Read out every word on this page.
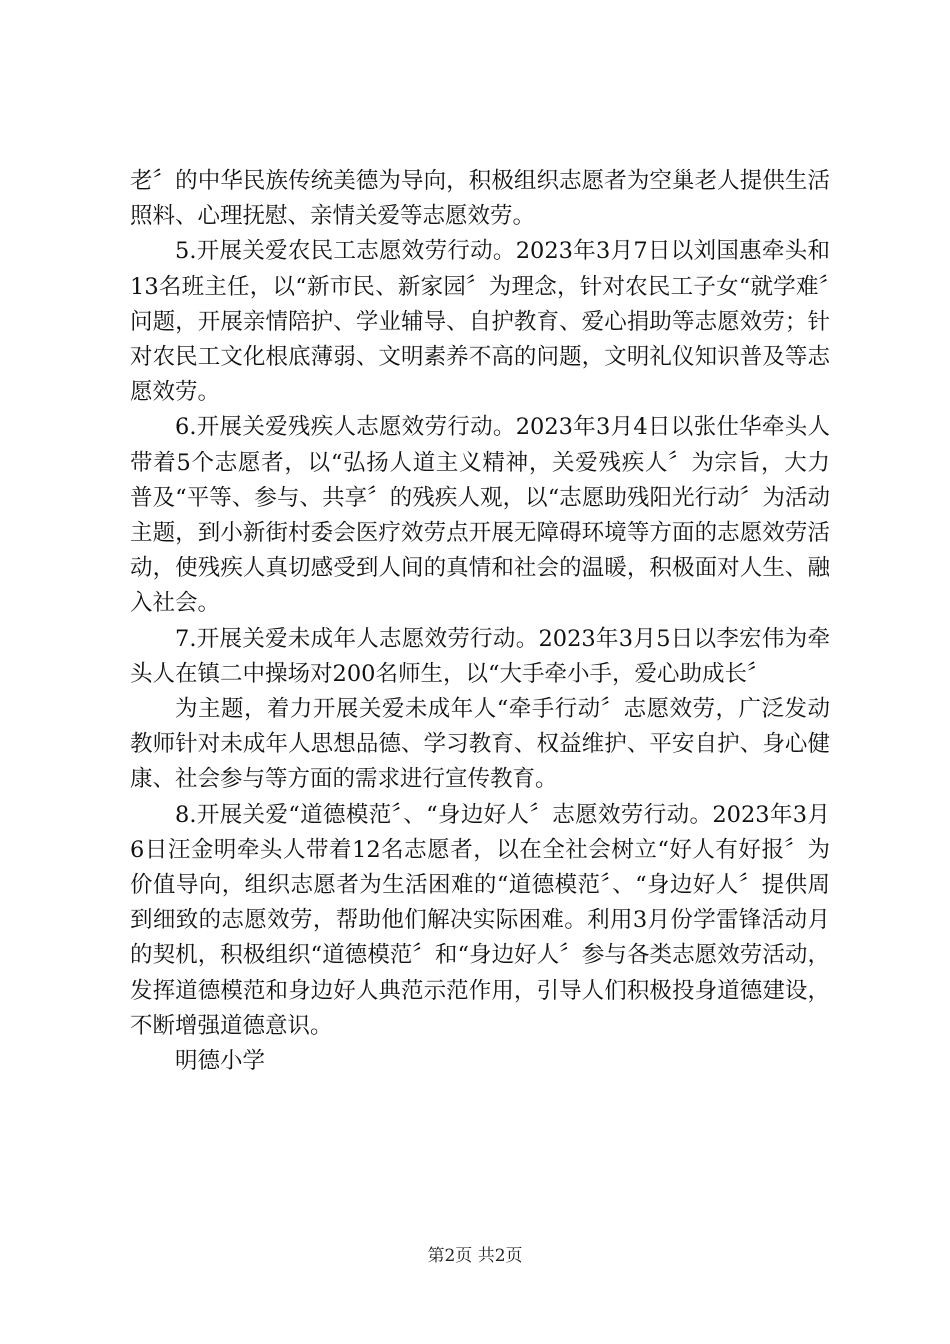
老〞的中华民族传统美德为导向，积极组织志愿者为空巢老人提供生活照料、心理抚慰、亲情关爱等志愿效劳。

5.开展关爱农民工志愿效劳行动。2023年3月7日以刘国惠牵头和13名班主任，以“新市民、新家园〞为理念，针对农民工子女“就学难〞问题，开展亲情陪护、学业辅导、自护教育、爱心捐助等志愿效劳；针对农民工文化根底薄弱、文明素养不高的问题，文明礼仪知识普及等志愿效劳。

6.开展关爱残疾人志愿效劳行动。2023年3月4日以张仕华牵头人带着5个志愿者，以“弘扬人道主义精神，关爱残疾人〞为宗旨，大力普及“平等、参与、共享〞的残疾人观，以“志愿助残阳光行动〞为活动主题，到小新街村委会医疗效劳点开展无障碍环境等方面的志愿效劳活动，使残疾人真切感受到人间的真情和社会的温暖，积极面对人生、融入社会。

7.开展关爱未成年人志愿效劳行动。2023年3月5日以李宏伟为牵头人在镇二中操场对200名师生，以“大手牵小手，爱心助成长〞

为主题，着力开展关爱未成年人“牵手行动〞志愿效劳，广泛发动教师针对未成年人思想品德、学习教育、权益维护、平安自护、身心健康、社会参与等方面的需求进行宣传教育。

8.开展关爱“道德模范〞、“身边好人〞志愿效劳行动。2023年3月6日汪金明牵头人带着12名志愿者，以在全社会树立“好人有好报〞为价值导向，组织志愿者为生活困难的“道德模范〞、“身边好人〞提供周到细致的志愿效劳，帮助他们解决实际困难。利用3月份学雷锋活动月的契机，积极组织“道德模范〞和“身边好人〞参与各类志愿效劳活动，发挥道德模范和身边好人典范示范作用，引导人们积极投身道德建设，不断增强道德意识。

明德小学

第2页 共2页
